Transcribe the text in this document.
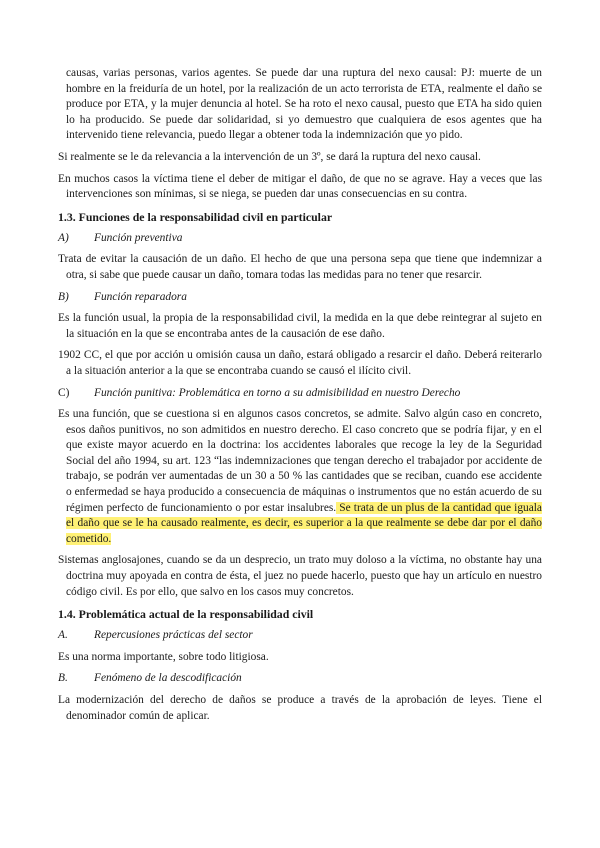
causas, varias personas, varios agentes. Se puede dar una ruptura del nexo causal: PJ: muerte de un hombre en la freiduría de un hotel, por la realización de un acto terrorista de ETA, realmente el daño se produce por ETA, y la mujer denuncia al hotel. Se ha roto el nexo causal, puesto que ETA ha sido quien lo ha producido. Se puede dar solidaridad, si yo demuestro que cualquiera de esos agentes que ha intervenido tiene relevancia, puedo llegar a obtener toda la indemnización que yo pido.

Si realmente se le da relevancia a la intervención de un 3º, se dará la ruptura del nexo causal.

En muchos casos la víctima tiene el deber de mitigar el daño, de que no se agrave. Hay a veces que las intervenciones son mínimas, si se niega, se pueden dar unas consecuencias en su contra.

1.3. Funciones de la responsabilidad civil en particular
A)	Función preventiva

Trata de evitar la causación de un daño. El hecho de que una persona sepa que tiene que indemnizar a otra, si sabe que puede causar un daño, tomara todas las medidas para no tener que resarcir.

B)	Función reparadora

Es la función usual, la propia de la responsabilidad civil, la medida en la que debe reintegrar al sujeto en la situación en la que se encontraba antes de la causación de ese daño.

1902 CC, el que por acción u omisión causa un daño, estará obligado a resarcir el daño. Deberá reiterarlo a la situación anterior a la que se encontraba cuando se causó el ilícito civil.

C)	Función punitiva: Problemática en torno a su admisibilidad en nuestro Derecho

Es una función, que se cuestiona si en algunos casos concretos, se admite. Salvo algún caso en concreto, esos daños punitivos, no son admitidos en nuestro derecho. El caso concreto que se podría fijar, y en el que existe mayor acuerdo en la doctrina: los accidentes laborales que recoge la ley de la Seguridad Social del año 1994, su art. 123 “las indemnizaciones que tengan derecho el trabajador por accidente de trabajo, se podrán ver aumentadas de un 30 a 50 % las cantidades que se reciban, cuando ese accidente o enfermedad se haya producido a consecuencia de máquinas o instrumentos que no están acuerdo de su régimen perfecto de funcionamiento o por estar insalubres. Se trata de un plus de la cantidad que iguala el daño que se le ha causado realmente, es decir, es superior a la que realmente se debe dar por el daño cometido.

Sistemas anglosajones, cuando se da un desprecio, un trato muy doloso a la víctima, no obstante hay una doctrina muy apoyada en contra de ésta, el juez no puede hacerlo, puesto que hay un artículo en nuestro código civil. Es por ello, que salvo en los casos muy concretos.

1.4. Problemática actual de la responsabilidad civil
A.	Repercusiones prácticas del sector

Es una norma importante, sobre todo litigiosa.

B.	Fenómeno de la descodificación

La modernización del derecho de daños se produce a través de la aprobación de leyes. Tiene el denominador común de aplicar.
